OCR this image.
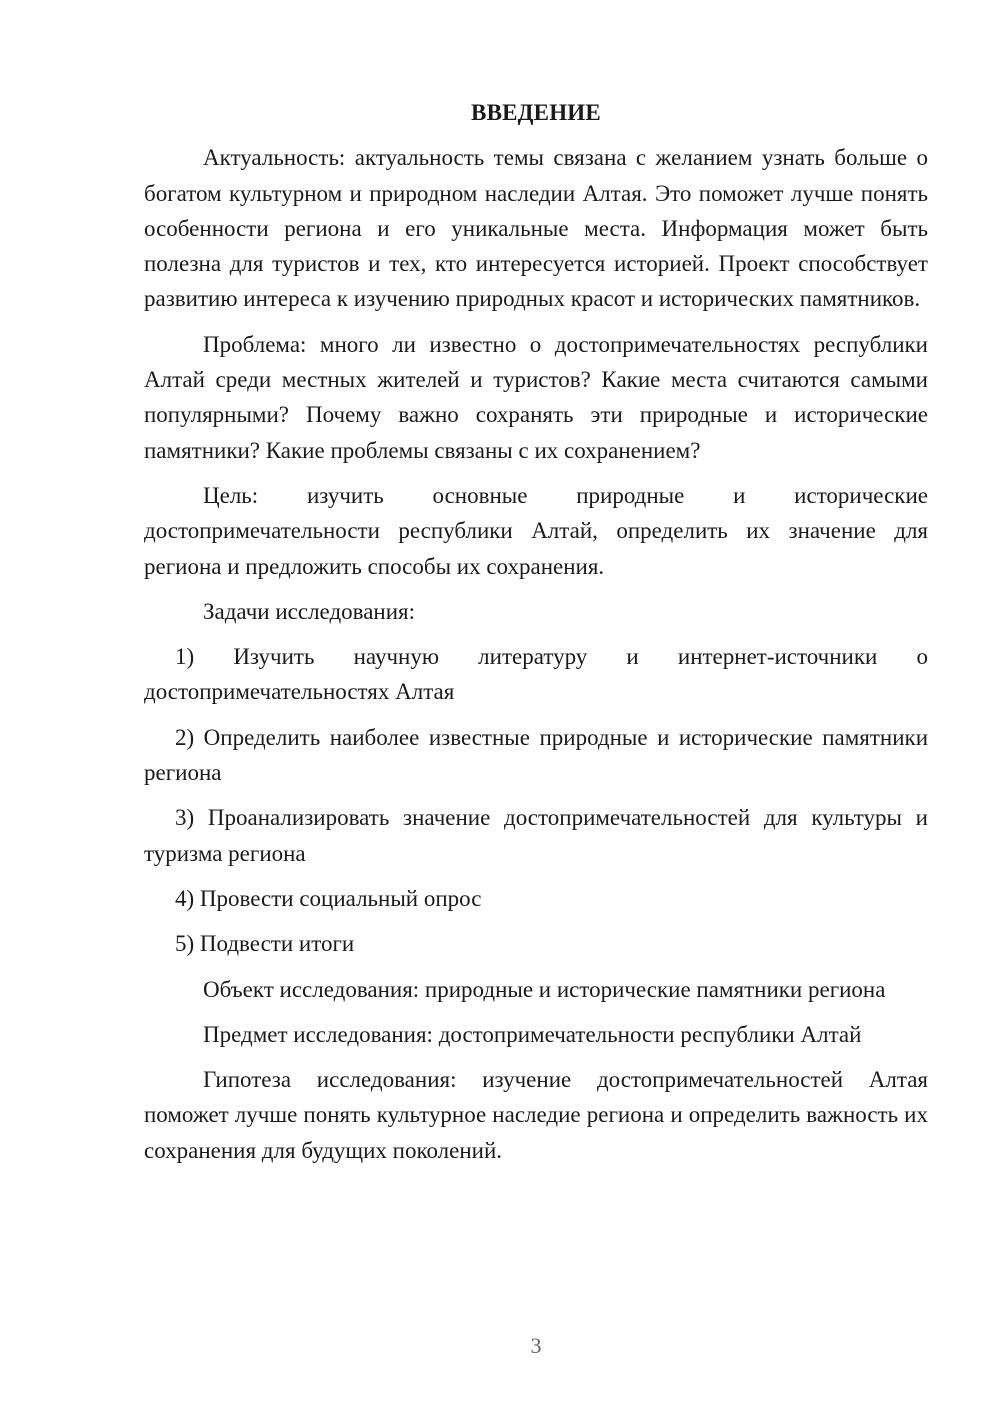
ВВЕДЕНИЕ
Актуальность: актуальность темы связана с желанием узнать больше о богатом культурном и природном наследии Алтая. Это поможет лучше понять особенности региона и его уникальные места. Информация может быть полезна для туристов и тех, кто интересуется историей. Проект способствует развитию интереса к изучению природных красот и исторических памятников.
Проблема: много ли известно о достопримечательностях республики Алтай среди местных жителей и туристов? Какие места считаются самыми популярными? Почему важно сохранять эти природные и исторические памятники? Какие проблемы связаны с их сохранением?
Цель: изучить основные природные и исторические достопримечательности республики Алтай, определить их значение для региона и предложить способы их сохранения.
Задачи исследования:
1) Изучить научную литературу и интернет-источники о достопримечательностях Алтая
2) Определить наиболее известные природные и исторические памятники региона
3) Проанализировать значение достопримечательностей для культуры и туризма региона
4) Провести социальный опрос
5) Подвести итоги
Объект исследования: природные и исторические памятники региона
Предмет исследования: достопримечательности республики Алтай
Гипотеза исследования: изучение достопримечательностей Алтая поможет лучше понять культурное наследие региона и определить важность их сохранения для будущих поколений.
3
